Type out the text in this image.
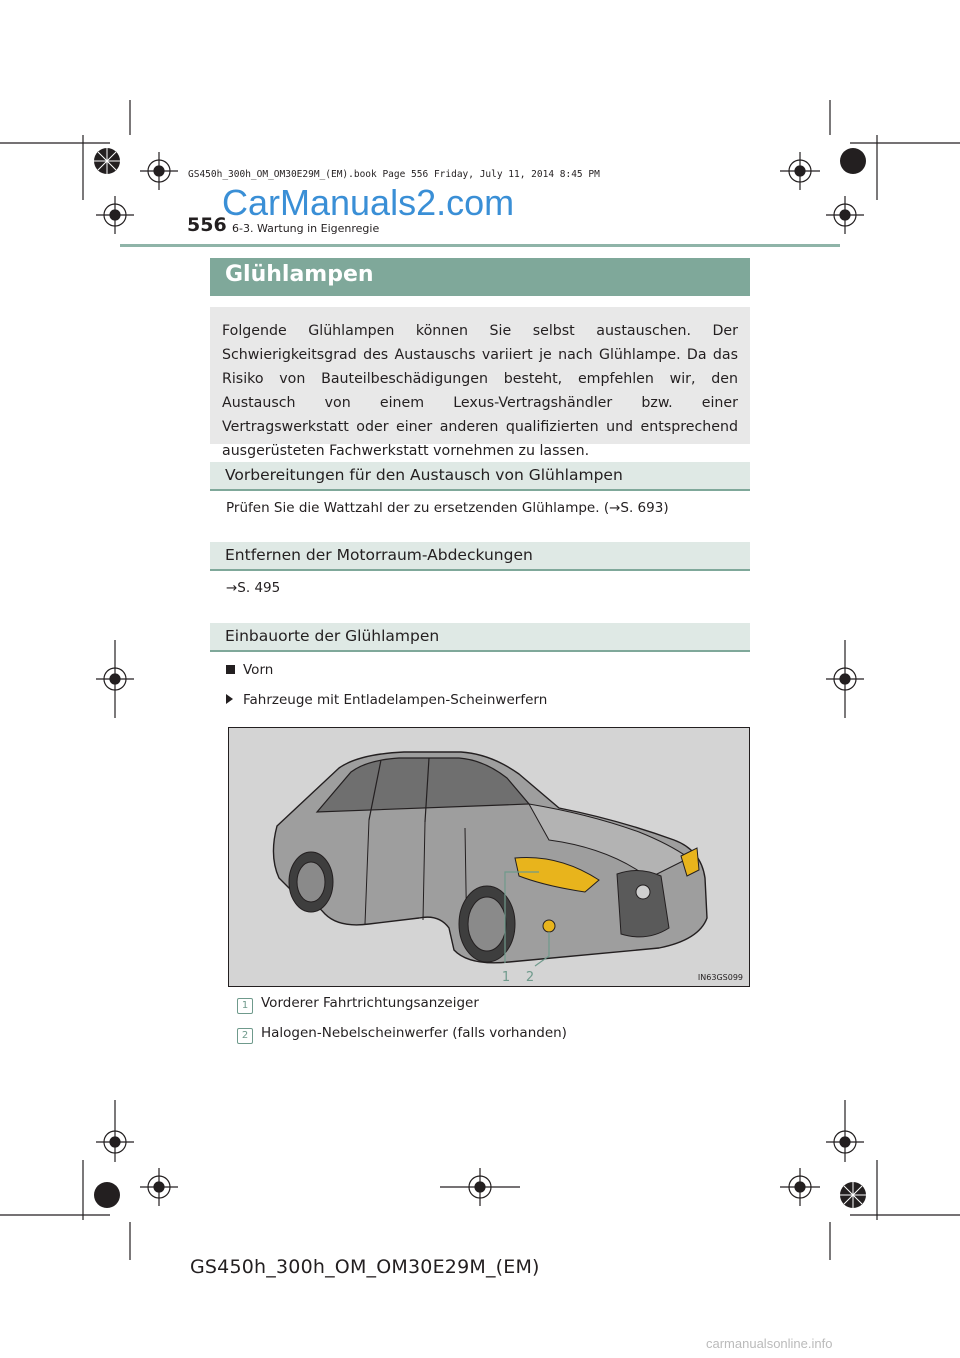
GS450h_300h_OM_OM30E29M_(EM).book Page 556 Friday, July 11, 2014 8:45 PM
CarManuals2.com
556 6-3. Wartung in Eigenregie
Glühlampen
Folgende Glühlampen können Sie selbst austauschen. Der Schwierigkeitsgrad des Austauschs variiert je nach Glühlampe. Da das Risiko von Bauteilbeschädigungen besteht, empfehlen wir, den Austausch von einem Lexus-Vertragshändler bzw. einer Vertragswerkstatt oder einer anderen qualifizierten und entsprechend ausgerüsteten Fachwerkstatt vornehmen zu lassen.
Vorbereitungen für den Austausch von Glühlampen
Prüfen Sie die Wattzahl der zu ersetzenden Glühlampe. (→S. 693)
Entfernen der Motorraum-Abdeckungen
→S. 495
Einbauorte der Glühlampen
Vorn
Fahrzeuge mit Entladelampen-Scheinwerfern
1 2	IN63GS099
1 Vorderer Fahrtrichtungsanzeiger
2 Halogen-Nebelscheinwerfer (falls vorhanden)
GS450h_300h_OM_OM30E29M_(EM)
carmanualsonline.info
